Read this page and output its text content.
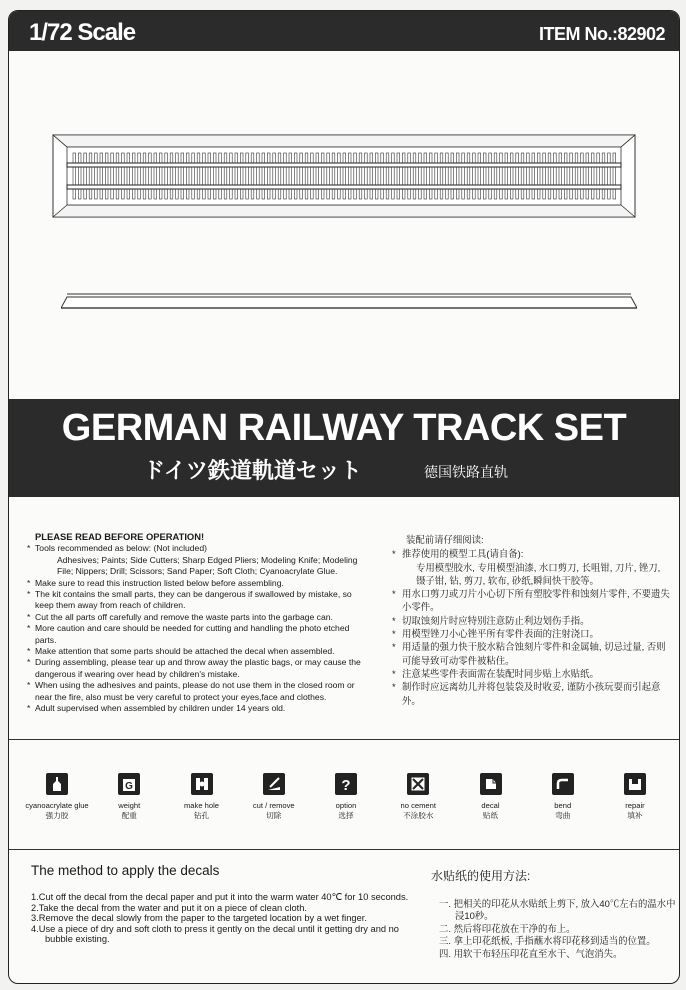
1/72 Scale	ITEM No.:82902
GERMAN RAILWAY TRACK SET
ドイツ鉄道軌道セット	德国铁路直轨
PLEASE READ BEFORE OPERATION!
* Tools recommended as below: (Not included)
Adhesives; Paints; Side Cutters; Sharp Edged Pliers; Modeling Knife; Modeling File; Nippers; Drill; Scissors; Sand Paper; Soft Cloth; Cyanoacrylate Glue.
* Make sure to read this instruction listed below before assembling.
* The kit contains the small parts, they can be dangerous if swallowed by mistake, so keep them away from reach of children.
* Cut the all parts off carefully and remove the waste parts into the garbage can.
* More caution and care should be needed for cutting and handling the photo etched parts.
* Make attention that some parts should be attached the decal when assembled.
* During assembling, please tear up and throw away the plastic bags, or may cause the dangerous if wearing over head by children's mistake.
* When using the adhesives and paints, please do not use them in the closed room or near the fire, also must be very careful to protect your eyes,face and clothes.
* Adult supervised when assembled by children under 14 years old.
装配前请仔细阅读:
* 推荐使用的模型工具(请自备):
专用模型胶水, 专用模型油漆, 水口剪刀, 长咀钳, 刀片, 锉刀, 镊子钳, 钻, 剪刀, 软布, 砂纸,瞬间快干胶等。
* 用水口剪刀或刀片小心切下所有塑胶零件和蚀刻片零件, 不要遗失小零件。
* 切取蚀刻片时应特别注意防止利边划伤手指。
* 用模型锉刀小心锉平所有零件表面的注射浇口。
* 用适量的强力快干胶水粘合蚀刻片零件和金属轴, 切忌过量, 否则可能导致可动零件被粘住。
* 注意某些零件表面需在装配时同步贴上水贴纸。
* 制作时应远离幼儿并将包装袋及时收妥, 谨防小孩玩耍而引起意外。
cyanoacrylate glue
强力胶
G
weight
配重
make hole
钻孔
cut / remove
切除
?
option
选择
no cement
不涂胶水
decal
贴纸
bend
弯曲
repair
填补
The method to apply the decals
1.Cut off the decal from the decal paper and put it into the warm water 40℃ for 10 seconds.
2.Take the decal from the water and put it on a piece of clean cloth.
3.Remove the decal slowly from the paper to the targeted location by a wet finger.
4.Use a piece of dry and soft cloth to press it gently on the decal until it getting dry and no bubble existing.
水贴纸的使用方法:
一. 把相关的印花从水贴纸上剪下, 放入40℃左右的温水中浸10秒。
二. 然后将印花放在干净的布上。
三. 拿上印花纸板, 手指蘸水将印花移到适当的位置。
四. 用软干布轻压印花直至水干、气泡消失。
